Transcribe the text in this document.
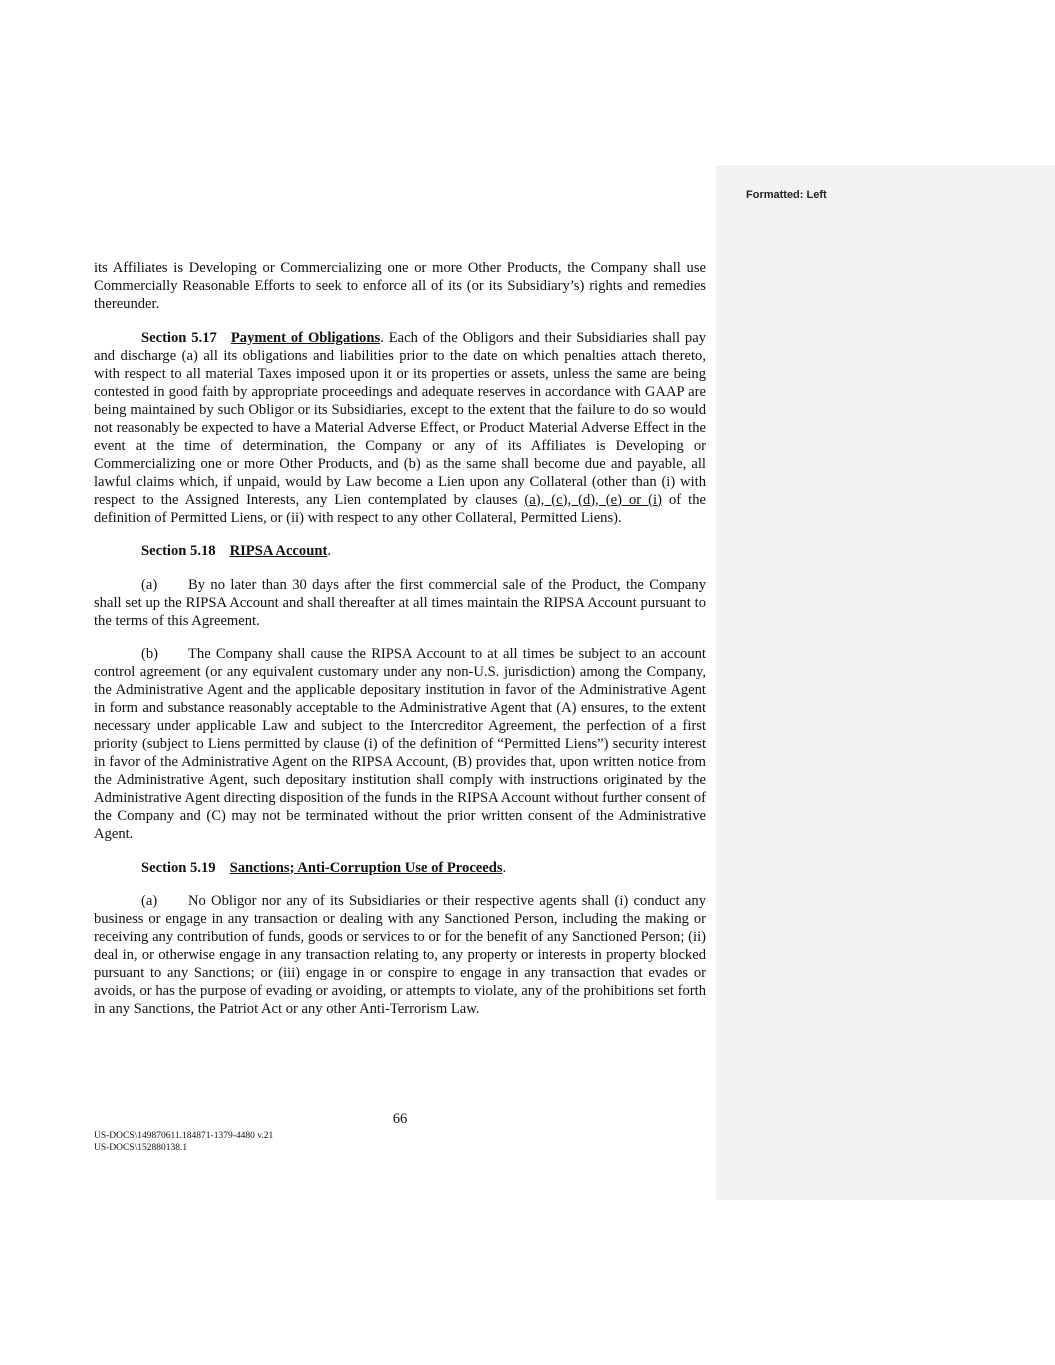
Formatted: Left

its Affiliates is Developing or Commercializing one or more Other Products, the Company shall use Commercially Reasonable Efforts to seek to enforce all of its (or its Subsidiary’s) rights and remedies thereunder.

Section 5.17 Payment of Obligations. Each of the Obligors and their Subsidiaries shall pay and discharge (a) all its obligations and liabilities prior to the date on which penalties attach thereto, with respect to all material Taxes imposed upon it or its properties or assets, unless the same are being contested in good faith by appropriate proceedings and adequate reserves in accordance with GAAP are being maintained by such Obligor or its Subsidiaries, except to the extent that the failure to do so would not reasonably be expected to have a Material Adverse Effect, or Product Material Adverse Effect in the event at the time of determination, the Company or any of its Affiliates is Developing or Commercializing one or more Other Products, and (b) as the same shall become due and payable, all lawful claims which, if unpaid, would by Law become a Lien upon any Collateral (other than (i) with respect to the Assigned Interests, any Lien contemplated by clauses (a), (c), (d), (e) or (i) of the definition of Permitted Liens, or (ii) with respect to any other Collateral, Permitted Liens).

Section 5.18 RIPSA Account.

(a) By no later than 30 days after the first commercial sale of the Product, the Company shall set up the RIPSA Account and shall thereafter at all times maintain the RIPSA Account pursuant to the terms of this Agreement.

(b) The Company shall cause the RIPSA Account to at all times be subject to an account control agreement (or any equivalent customary under any non-U.S. jurisdiction) among the Company, the Administrative Agent and the applicable depositary institution in favor of the Administrative Agent in form and substance reasonably acceptable to the Administrative Agent that (A) ensures, to the extent necessary under applicable Law and subject to the Intercreditor Agreement, the perfection of a first priority (subject to Liens permitted by clause (i) of the definition of “Permitted Liens”) security interest in favor of the Administrative Agent on the RIPSA Account, (B) provides that, upon written notice from the Administrative Agent, such depositary institution shall comply with instructions originated by the Administrative Agent directing disposition of the funds in the RIPSA Account without further consent of the Company and (C) may not be terminated without the prior written consent of the Administrative Agent.

Section 5.19 Sanctions; Anti-Corruption Use of Proceeds.

(a) No Obligor nor any of its Subsidiaries or their respective agents shall (i) conduct any business or engage in any transaction or dealing with any Sanctioned Person, including the making or receiving any contribution of funds, goods or services to or for the benefit of any Sanctioned Person; (ii) deal in, or otherwise engage in any transaction relating to, any property or interests in property blocked pursuant to any Sanctions; or (iii) engage in or conspire to engage in any transaction that evades or avoids, or has the purpose of evading or avoiding, or attempts to violate, any of the prohibitions set forth in any Sanctions, the Patriot Act or any other Anti-Terrorism Law.

66
US-DOCS\149870611.184871-1379-4480 v.21
US-DOCS\152880138.1
